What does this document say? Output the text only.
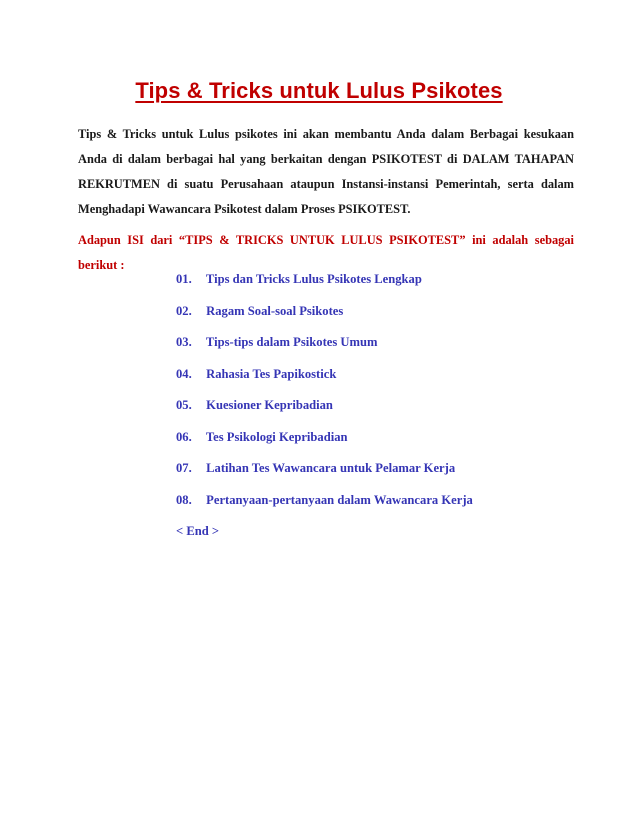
Tips & Tricks untuk Lulus Psikotes
Tips & Tricks untuk Lulus psikotes ini akan membantu Anda dalam Berbagai kesukaan Anda di dalam berbagai hal yang berkaitan dengan PSIKOTEST di DALAM TAHAPAN REKRUTMEN di suatu Perusahaan ataupun Instansi-instansi Pemerintah, serta dalam Menghadapi Wawancara Psikotest dalam Proses PSIKOTEST.
Adapun ISI dari “TIPS & TRICKS UNTUK LULUS PSIKOTEST” ini adalah sebagai berikut :
01. Tips dan Tricks Lulus Psikotes Lengkap
02. Ragam Soal-soal Psikotes
03. Tips-tips dalam Psikotes Umum
04. Rahasia Tes Papikostick
05. Kuesioner Kepribadian
06. Tes Psikologi Kepribadian
07. Latihan Tes Wawancara untuk Pelamar Kerja
08. Pertanyaan-pertanyaan dalam Wawancara Kerja
< End >
